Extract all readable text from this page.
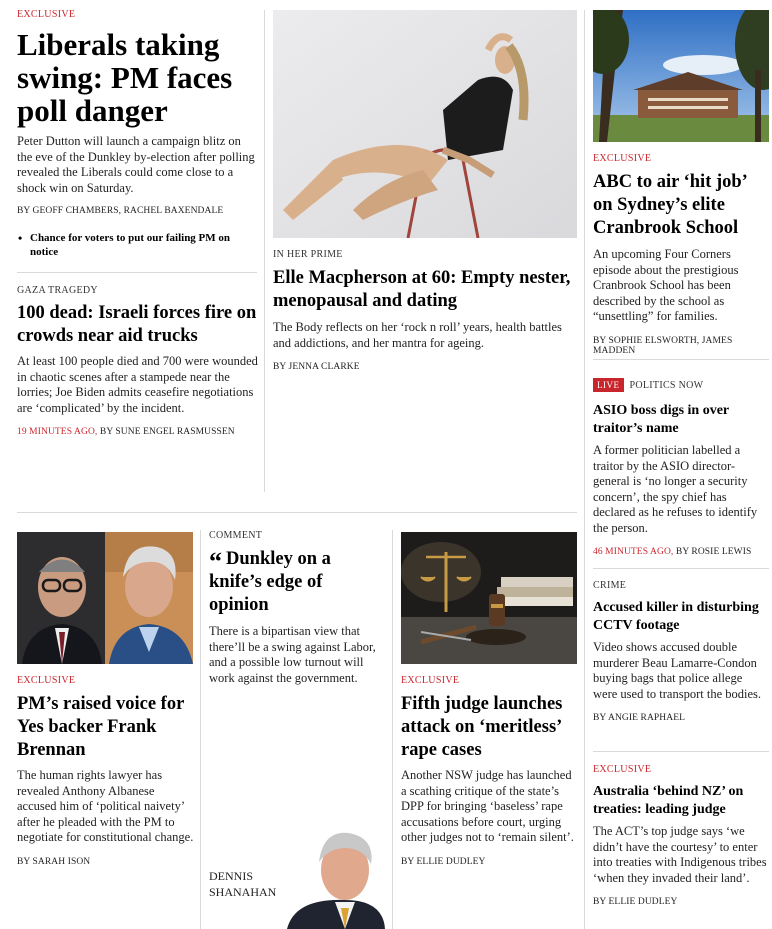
EXCLUSIVE
Liberals taking swing: PM faces poll danger
Peter Dutton will launch a campaign blitz on the eve of the Dunkley by-election after polling revealed the Liberals could come close to a shock win on Saturday.
BY GEOFF CHAMBERS, RACHEL BAXENDALE
• Chance for voters to put our failing PM on notice
GAZA TRAGEDY
100 dead: Israeli forces fire on crowds near aid trucks
At least 100 people died and 700 were wounded in chaotic scenes after a stampede near the lorries; Joe Biden admits ceasefire negotiations are ‘complicated’ by the incident.
19 MINUTES AGO, BY SUNE ENGEL RASMUSSEN
IN HER PRIME
Elle Macpherson at 60: Empty nester, menopausal and dating
The Body reflects on her ‘rock n roll’ years, health battles and addictions, and her mantra for ageing.
BY JENNA CLARKE
EXCLUSIVE
ABC to air ‘hit job’ on Sydney’s elite Cranbrook School
An upcoming Four Corners episode about the prestigious Cranbrook School has been described by the school as “unsettling” for families.
BY SOPHIE ELSWORTH, JAMES MADDEN
LIVE POLITICS NOW
ASIO boss digs in over traitor’s name
A former politician labelled a traitor by the ASIO director-general is ‘no longer a security concern’, the spy chief has declared as he refuses to identify the person.
46 MINUTES AGO, BY ROSIE LEWIS
CRIME
Accused killer in disturbing CCTV footage
Video shows accused double murderer Beau Lamarre-Condon buying bags that police allege were used to transport the bodies.
BY ANGIE RAPHAEL
EXCLUSIVE
Australia ‘behind NZ’ on treaties: leading judge
The ACT’s top judge says ‘we didn’t have the courtesy’ to enter into treaties with Indigenous tribes ‘when they invaded their land’.
BY ELLIE DUDLEY
EXCLUSIVE
PM’s raised voice for Yes backer Frank Brennan
The human rights lawyer has revealed Anthony Albanese accused him of ‘political naivety’ after he pleaded with the PM to negotiate for constitutional change.
BY SARAH ISON
COMMENT
“ Dunkley on a knife’s edge of opinion
There is a bipartisan view that there’ll be a swing against Labor, and a possible low turnout will work against the government.
DENNIS
SHANAHAN
EXCLUSIVE
Fifth judge launches attack on ‘meritless’ rape cases
Another NSW judge has launched a scathing critique of the state’s DPP for bringing ‘baseless’ rape accusations before court, urging other judges not to ‘remain silent’.
BY ELLIE DUDLEY
